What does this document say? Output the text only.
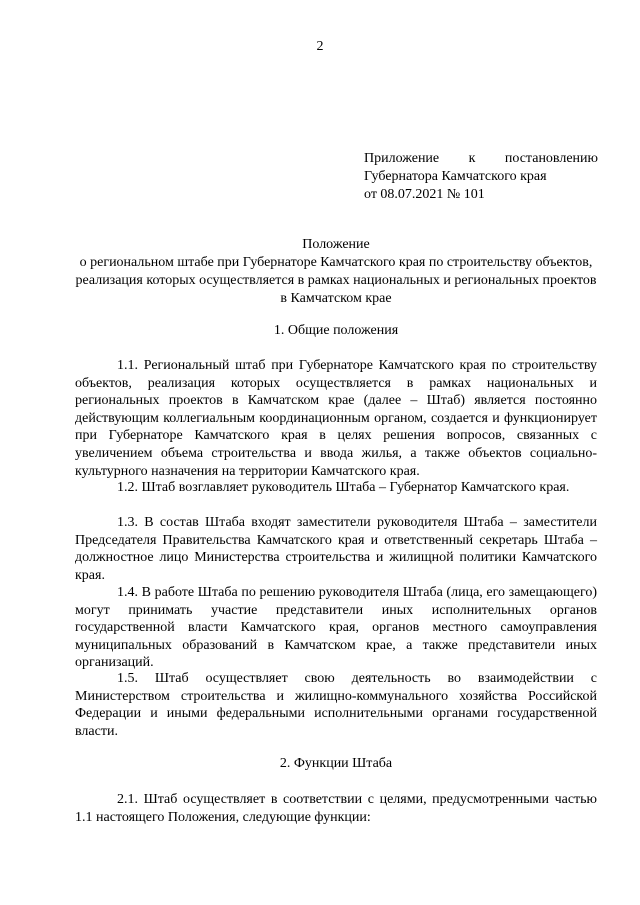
2
Приложение к постановлению
Губернатора Камчатского края
от 08.07.2021 № 101
Положение
о региональном штабе при Губернаторе Камчатского края по строительству объектов, реализация которых осуществляется в рамках национальных и региональных проектов в Камчатском крае
1. Общие положения
1.1. Региональный штаб при Губернаторе Камчатского края по строительству объектов, реализация которых осуществляется в рамках национальных и региональных проектов в Камчатском крае (далее – Штаб) является постоянно действующим коллегиальным координационным органом, создается и функционирует при Губернаторе Камчатского края в целях решения вопросов, связанных с увеличением объема строительства и ввода жилья, а также объектов социально-культурного назначения на территории Камчатского края.
1.2. Штаб возглавляет руководитель Штаба – Губернатор Камчатского края.
1.3. В состав Штаба входят заместители руководителя Штаба – заместители Председателя Правительства Камчатского края и ответственный секретарь Штаба – должностное лицо Министерства строительства и жилищной политики Камчатского края.
1.4. В работе Штаба по решению руководителя Штаба (лица, его замещающего) могут принимать участие представители иных исполнительных органов государственной власти Камчатского края, органов местного самоуправления муниципальных образований в Камчатском крае, а также представители иных организаций.
1.5. Штаб осуществляет свою деятельность во взаимодействии с Министерством строительства и жилищно-коммунального хозяйства Российской Федерации и иными федеральными исполнительными органами государственной власти.
2. Функции Штаба
2.1. Штаб осуществляет в соответствии с целями, предусмотренными частью 1.1 настоящего Положения, следующие функции:
